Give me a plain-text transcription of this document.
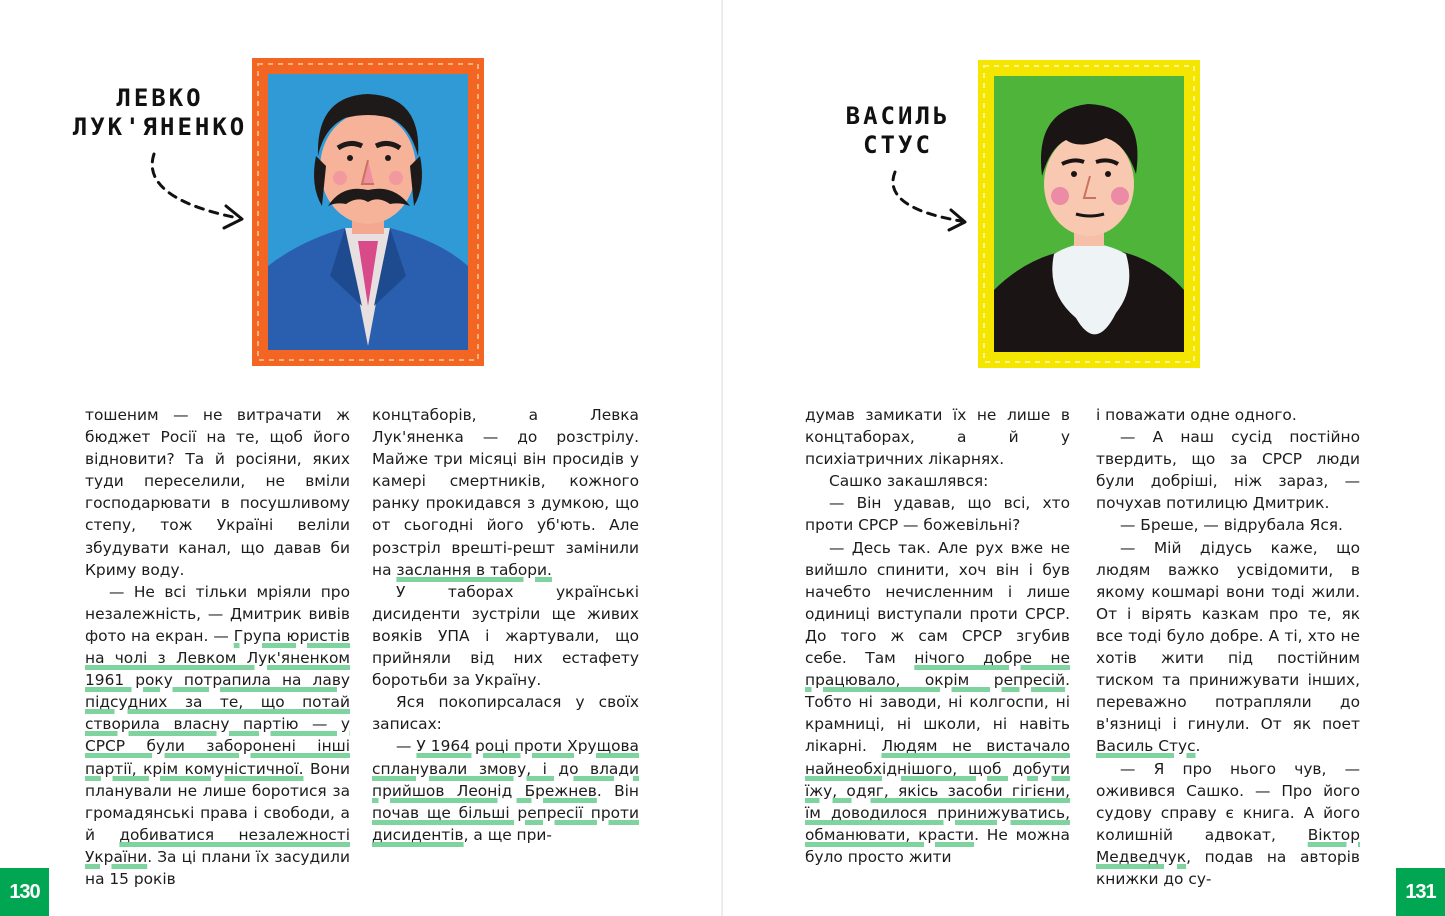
ЛЕВКО
ЛУК'ЯНЕНКО

тошеним — не витрачати ж бюджет Росії на те, щоб його відновити? Та й росіяни, яких туди переселили, не вміли господарювати в посушливому степу, тож Україні веліли збудувати канал, що давав би Криму воду.

— Не всі тільки мріяли про незалежність, — Дмитрик вивів фото на екран. — Група юристів на чолі з Левком Лук'яненком 1961 року потрапила на лаву підсудних за те, що потай створила власну партію — у СРСР були заборонені інші партії, крім комуністичної. Вони планували не лише боротися за громадянські права і свободи, а й добиватися незалежності України. За ці плани їх засудили на 15 років

концтаборів, а Левка Лук'яненка — до розстрілу. Майже три місяці він просидів у камері смертників, кожного ранку прокидався з думкою, що от сьогодні його уб'ють. Але розстріл врешті-решт замінили на заслання в табори.

У таборах українські дисиденти зустріли ще живих вояків УПА і жартували, що прийняли від них естафету боротьби за Україну.

Яся покопирсалася у своїх записах:

— У 1964 році проти Хрущова спланували змову, і до влади прийшов Леонід Брежнев. Він почав ще більші репресії проти дисидентів, а ще при-

130
ВАСИЛЬ
СТУС

думав замикати їх не лише в концтаборах, а й у психіатричних лікарнях.

Сашко закашлявся:

— Він удавав, що всі, хто проти СРСР — божевільні?

— Десь так. Але рух вже не вийшло спинити, хоч він і був начебто нечисленним і лише одиниці виступали проти СРСР. До того ж сам СРСР згубив себе. Там нічого добре не працювало, окрім репресій. Тобто ні заводи, ні колгоспи, ні крамниці, ні школи, ні навіть лікарні. Людям не вистачало найнеобхіднішого, щоб добути їжу, одяг, якісь засоби гігієни, їм доводилося принижуватись, обманювати, красти. Не можна було просто жити

і поважати одне одного.

— А наш сусід постійно твердить, що за СРСР люди були добріші, ніж зараз, — почухав потилицю Дмитрик.

— Бреше, — відрубала Яся.

— Мій дідусь каже, що людям важко усвідомити, в якому кошмарі вони тоді жили. От і вірять казкам про те, як все тоді було добре. А ті, хто не хотів жити під постійним тиском та принижувати інших, переважно потрапляли до в'язниці і гинули. От як поет Василь Стус.

— Я про нього чув, — оживився Сашко. — Про його судову справу є книга. А його колишній адвокат, Віктор Медведчук, подав на авторів книжки до су-

131
